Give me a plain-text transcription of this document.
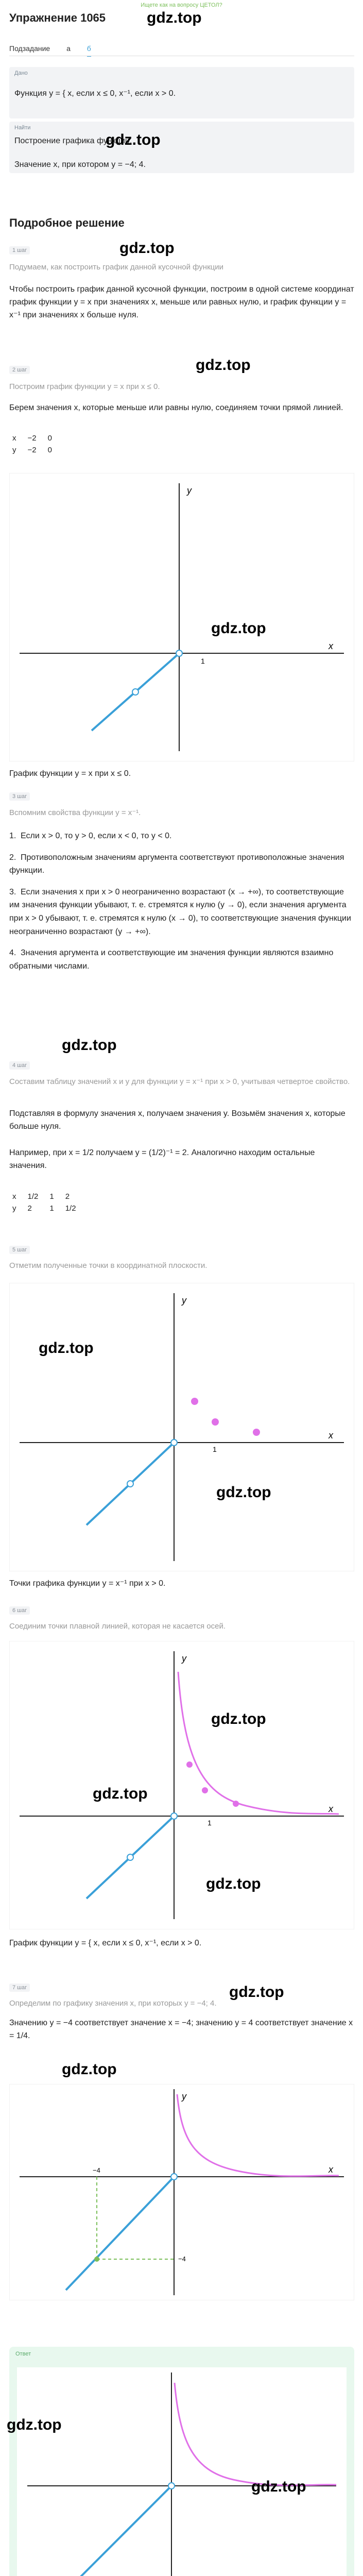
Ищете как на вопросу ЦЕТОЛ?
gdz.top
Упражнение 1065
Подзадание а б
Дано
Функция y = { x, если x ≤ 0, x⁻¹, если x > 0.
Найти
Построение графика функции.
Значение x, при котором y = −4; 4.
gdz.top
Подробное решение
1 шаг	gdz.top
Подумаем, как построить график данной кусочной функции
Чтобы построить график данной кусочной функции, построим в одной системе координат график функции y = x при значениях x, меньше или равных нулю, и график функции y = x⁻¹ при значениях x больше нуля.
2 шаг	gdz.top
Построим график функции y = x при x ≤ 0.
Берем значения x, которые меньше или равны нулю, соединяем точки прямой линией.
x	−2	0
y	−2	0
x
y
1
gdz.top
График функции y = x при x ≤ 0.
3 шаг
Вспомним свойства функции y = x⁻¹.
1. Если x > 0, то y > 0, если x < 0, то y < 0.
2. Противоположным значениям аргумента соответствуют противоположные значения функции.
3. Если значения x при x > 0 неограниченно возрастают (x → +∞), то соответствующие им значения функции убывают, т. е. стремятся к нулю (y → 0), если значения аргумента при x > 0 убывают, т. е. стремятся к нулю (x → 0), то соответствующие значения функции неограниченно возрастают (y → +∞).
4. Значения аргумента и соответствующие им значения функции являются взаимно обратными числами.
gdz.top
4 шаг
Составим таблицу значений x и y для функции y = x⁻¹ при x > 0, учитывая четвертое свойство.
Подставляя в формулу значения x, получаем значения y. Возьмём значения x, которые больше нуля.
Например, при x = 1/2 получаем y = (1/2)⁻¹ = 2. Аналогично находим остальные значения.
x	1/2	1	2
y	2	1	1/2
5 шаг
Отметим полученные точки в координатной плоскости.
x
y
1
gdz.top
gdz.top
Точки графика функции y = x⁻¹ при x > 0.
6 шаг
Соединим точки плавной линией, которая не касается осей.
x
y
1
gdz.top
gdz.top
gdz.top
График функции y = { x, если x ≤ 0, x⁻¹, если x > 0.
7 шаг	gdz.top
Определим по графику значения x, при которых y = −4; 4.
Значению y = −4 соответствует значение x = −4; значению y = 4 соответствует значение x = 1/4.
gdz.top
x
y
−4
−4
Ответ
gdz.top
gdz.top
